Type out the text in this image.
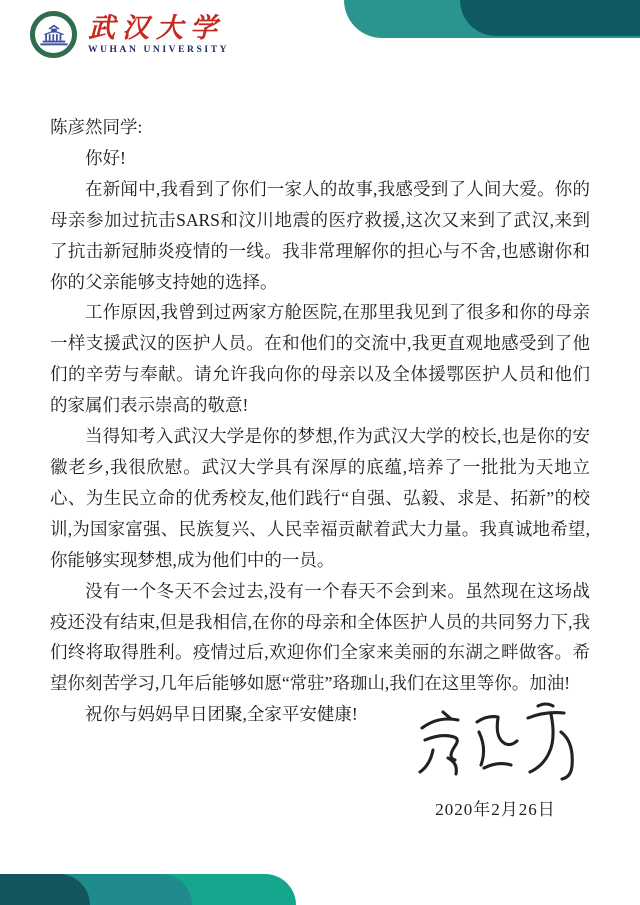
武汉大学
WUHAN UNIVERSITY

陈彦然同学:

你好!

在新闻中,我看到了你们一家人的故事,我感受到了人间大爱。你的母亲参加过抗击SARS和汶川地震的医疗救援,这次又来到了武汉,来到了抗击新冠肺炎疫情的一线。我非常理解你的担心与不舍,也感谢你和你的父亲能够支持她的选择。

工作原因,我曾到过两家方舱医院,在那里我见到了很多和你的母亲一样支援武汉的医护人员。在和他们的交流中,我更直观地感受到了他们的辛劳与奉献。请允许我向你的母亲以及全体援鄂医护人员和他们的家属们表示崇高的敬意!

当得知考入武汉大学是你的梦想,作为武汉大学的校长,也是你的安徽老乡,我很欣慰。武汉大学具有深厚的底蕴,培养了一批批为天地立心、为生民立命的优秀校友,他们践行“自强、弘毅、求是、拓新”的校训,为国家富强、民族复兴、人民幸福贡献着武大力量。我真诚地希望,你能够实现梦想,成为他们中的一员。

没有一个冬天不会过去,没有一个春天不会到来。虽然现在这场战疫还没有结束,但是我相信,在你的母亲和全体医护人员的共同努力下,我们终将取得胜利。疫情过后,欢迎你们全家来美丽的东湖之畔做客。希望你刻苦学习,几年后能够如愿“常驻”珞珈山,我们在这里等你。加油!

祝你与妈妈早日团聚,全家平安健康!

2020年2月26日
